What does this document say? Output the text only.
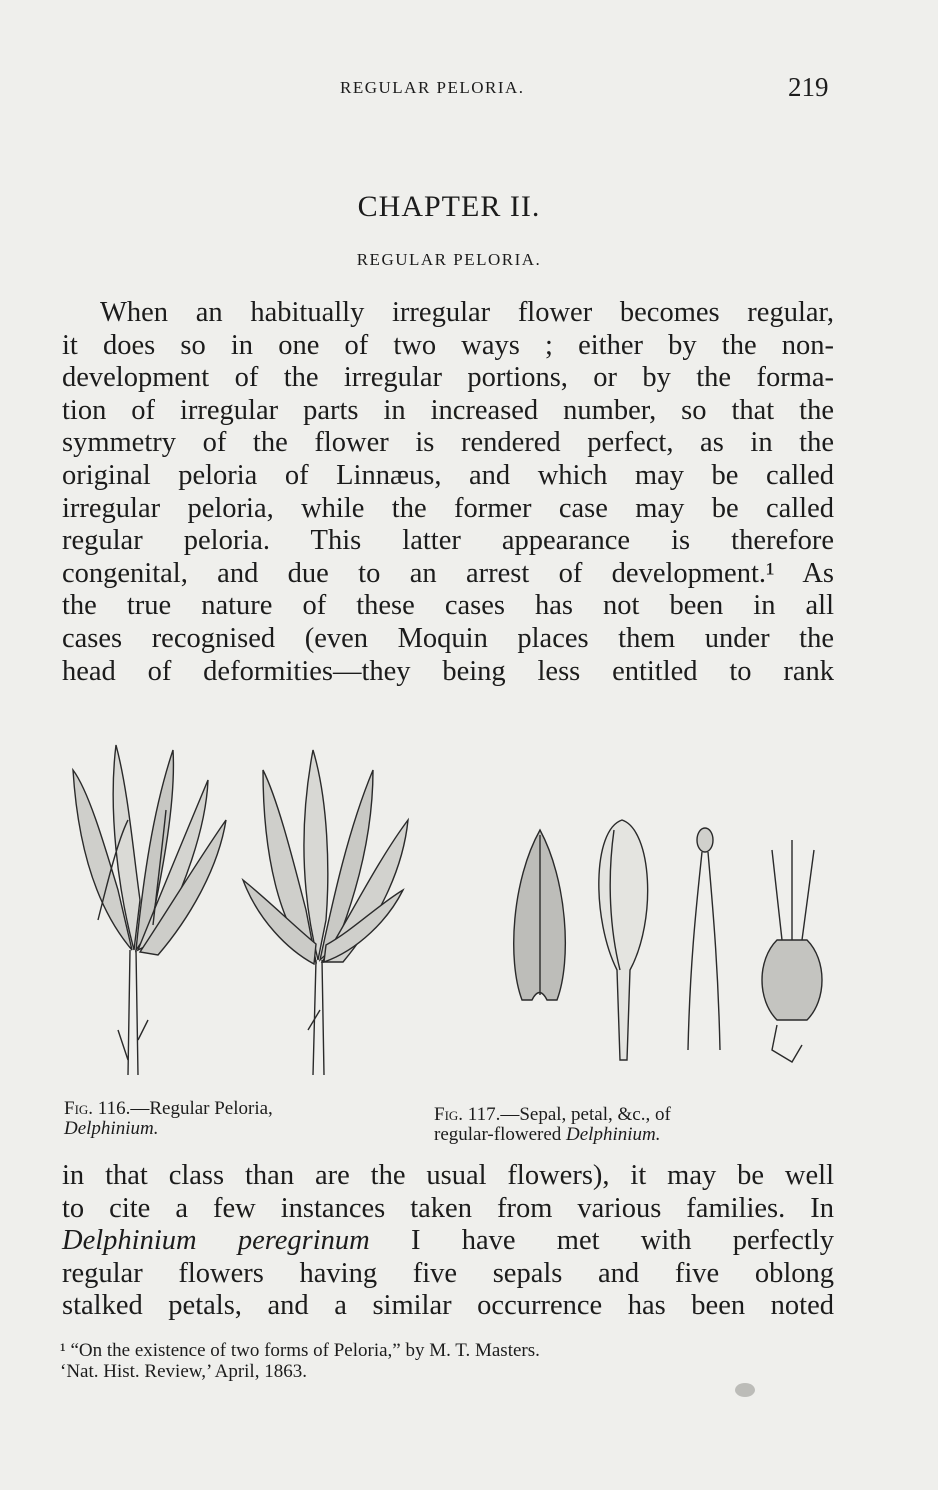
REGULAR PELORIA.	219
CHAPTER II.
REGULAR PELORIA.
When an habitually irregular flower becomes regular,
it does so in one of two ways ; either by the non-
development of the irregular portions, or by the forma-
tion of irregular parts in increased number, so that the
symmetry of the flower is rendered perfect, as in the
original peloria of Linnæus, and which may be called
irregular peloria, while the former case may be called
regular peloria. This latter appearance is therefore
congenital, and due to an arrest of development.¹ As
the true nature of these cases has not been in all
cases recognised (even Moquin places them under the
head of deformities—they being less entitled to rank
Fig. 116.—Regular Peloria,
Delphinium.
Fig. 117.—Sepal, petal, &c., of
regular-flowered Delphinium.
in that class than are the usual flowers), it may be well
to cite a few instances taken from various families. In
Delphinium peregrinum I have met with perfectly
regular flowers having five sepals and five oblong
stalked petals, and a similar occurrence has been noted
¹ “On the existence of two forms of Peloria,” by M. T. Masters.
‘Nat. Hist. Review,’ April, 1863.
